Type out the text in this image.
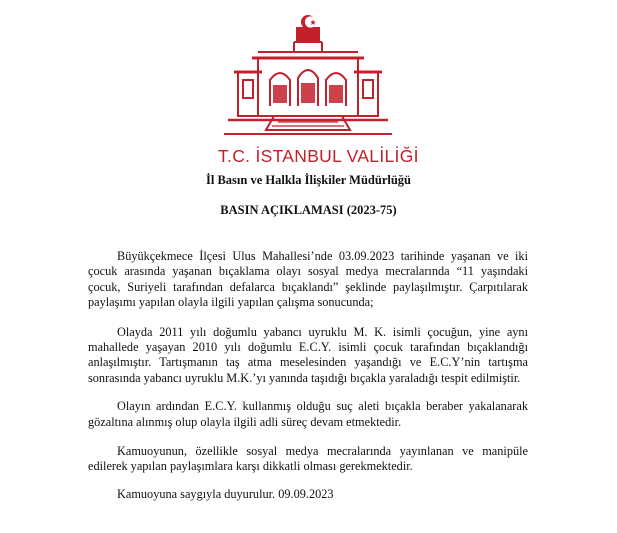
T.C. İSTANBUL VALİLİĞİ
İl Basın ve Halkla İlişkiler Müdürlüğü
BASIN AÇIKLAMASI (2023-75)

Büyükçekmece İlçesi Ulus Mahallesi’nde 03.09.2023 tarihinde yaşanan ve iki çocuk arasında yaşanan bıçaklama olayı sosyal medya mecralarında “11 yaşındaki çocuk, Suriyeli tarafından defalarca bıçaklandı” şeklinde paylaşılmıştır. Çarpıtılarak paylaşımı yapılan olayla ilgili yapılan çalışma sonucunda;

Olayda 2011 yılı doğumlu yabancı uyruklu M. K. isimli çocuğun, yine aynı mahallede yaşayan 2010 yılı doğumlu E.C.Y. isimli çocuk tarafından bıçaklandığı anlaşılmıştır. Tartışmanın taş atma meselesinden yaşandığı ve E.C.Y’nin tartışma sonrasında yabancı uyruklu M.K.’yı yanında taşıdığı bıçakla yaraladığı tespit edilmiştir.

Olayın ardından E.C.Y. kullanmış olduğu suç aleti bıçakla beraber yakalanarak gözaltına alınmış olup olayla ilgili adli süreç devam etmektedir.

Kamuoyunun, özellikle sosyal medya mecralarında yayınlanan ve manipüle edilerek yapılan paylaşımlara karşı dikkatli olması gerekmektedir.

Kamuoyuna saygıyla duyurulur. 09.09.2023
